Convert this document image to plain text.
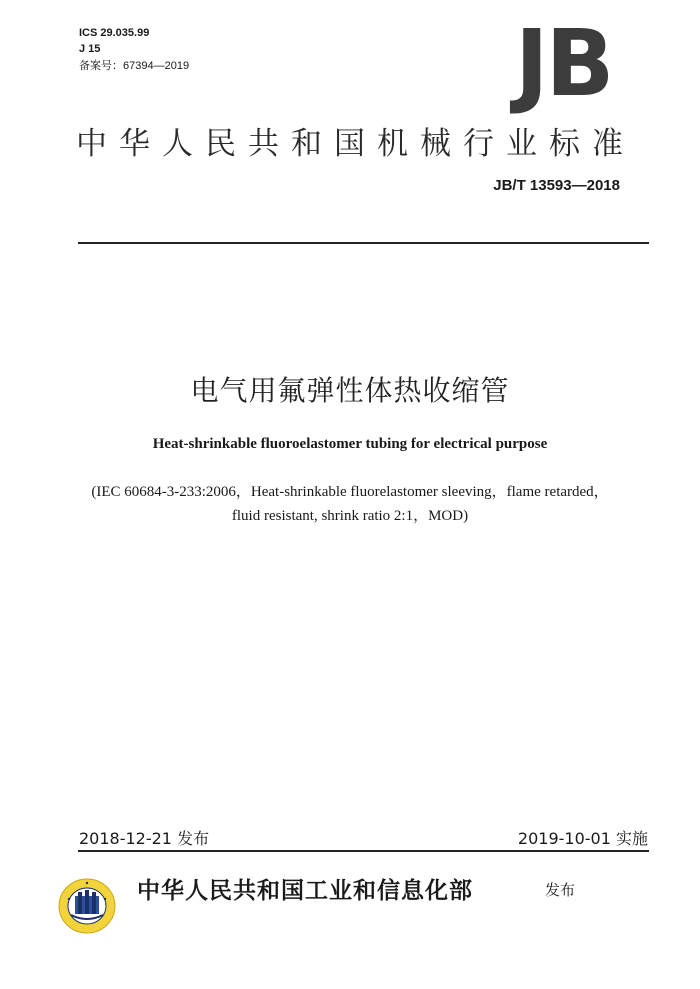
ICS 29.035.99
J 15
备案号：67394—2019	JB
中华人民共和国机械行业标准
JB/T 13593—2018
电气用氟弹性体热收缩管
Heat-shrinkable fluoroelastomer tubing for electrical purpose
(IEC 60684-3-233:2006，Heat-shrinkable fluorelastomer sleeving，flame retarded，
fluid resistant, shrink ratio 2:1，MOD)
2018-12-21 发布	2019-10-01 实施
中华人民共和国工业和信息化部	发布
